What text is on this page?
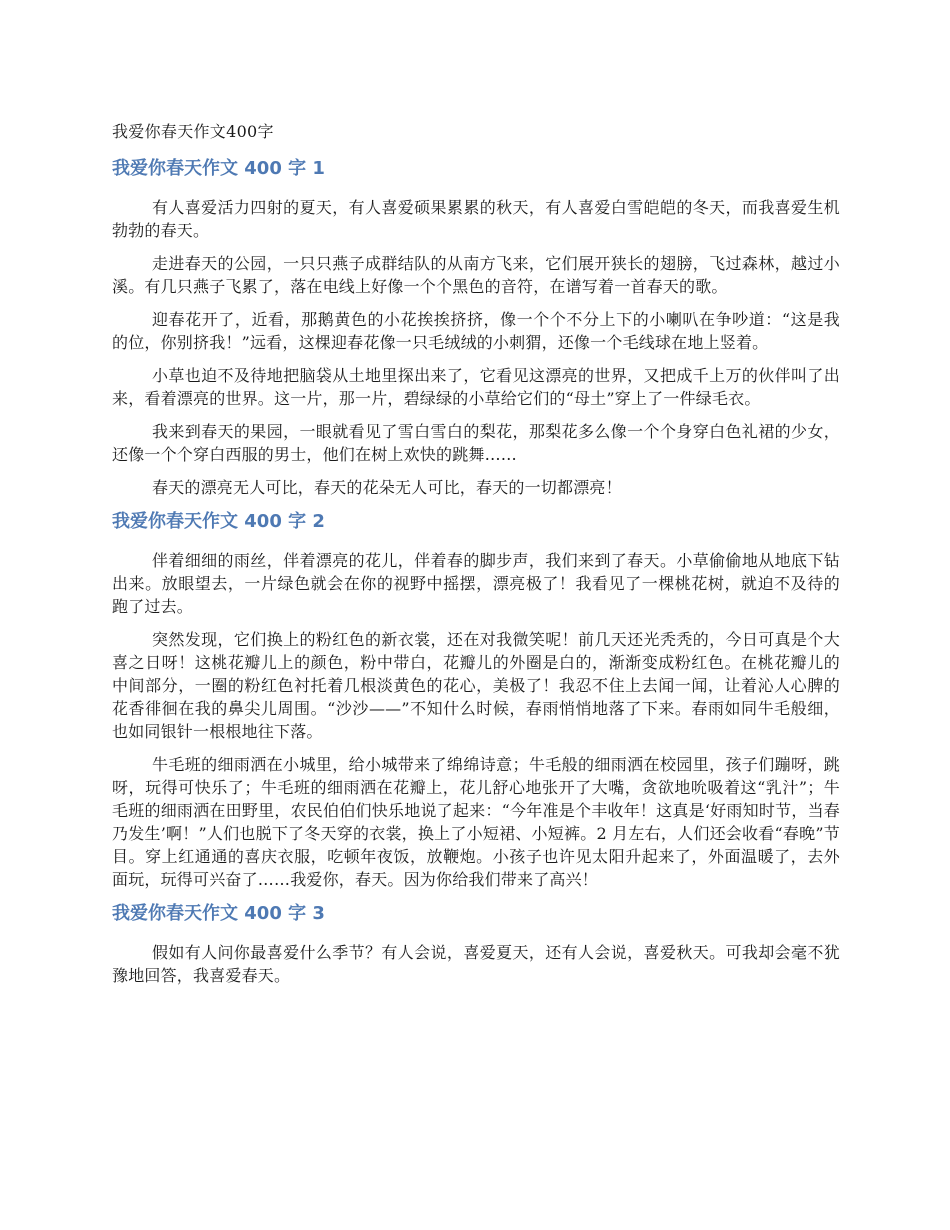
我爱你春天作文400字
我爱你春天作文 400 字 1

有人喜爱活力四射的夏天，有人喜爱硕果累累的秋天，有人喜爱白雪皑皑的冬天，而我喜爱生机勃勃的春天。

走进春天的公园，一只只燕子成群结队的从南方飞来，它们展开狭长的翅膀，飞过森林，越过小溪。有几只燕子飞累了，落在电线上好像一个个黑色的音符，在谱写着一首春天的歌。

迎春花开了，近看，那鹅黄色的小花挨挨挤挤，像一个个不分上下的小喇叭在争吵道：“这是我的位，你别挤我！”远看，这棵迎春花像一只毛绒绒的小刺猬，还像一个毛线球在地上竖着。

小草也迫不及待地把脑袋从土地里探出来了，它看见这漂亮的世界，又把成千上万的伙伴叫了出来，看着漂亮的世界。这一片，那一片，碧绿绿的小草给它们的“母土”穿上了一件绿毛衣。

我来到春天的果园，一眼就看见了雪白雪白的梨花，那梨花多么像一个个身穿白色礼裙的少女，还像一个个穿白西服的男士，他们在树上欢快的跳舞……

春天的漂亮无人可比，春天的花朵无人可比，春天的一切都漂亮！

我爱你春天作文 400 字 2

伴着细细的雨丝，伴着漂亮的花儿，伴着春的脚步声，我们来到了春天。小草偷偷地从地底下钻出来。放眼望去，一片绿色就会在你的视野中摇摆，漂亮极了！我看见了一棵桃花树，就迫不及待的跑了过去。

突然发现，它们换上的粉红色的新衣裳，还在对我微笑呢！前几天还光秃秃的，今日可真是个大喜之日呀！这桃花瓣儿上的颜色，粉中带白，花瓣儿的外圈是白的，渐渐变成粉红色。在桃花瓣儿的中间部分，一圈的粉红色衬托着几根淡黄色的花心，美极了！我忍不住上去闻一闻，让着沁人心脾的花香徘徊在我的鼻尖儿周围。“沙沙——”不知什么时候，春雨悄悄地落了下来。春雨如同牛毛般细，也如同银针一根根地往下落。

牛毛班的细雨洒在小城里，给小城带来了绵绵诗意；牛毛般的细雨洒在校园里，孩子们蹦呀，跳呀，玩得可快乐了；牛毛班的细雨洒在花瓣上，花儿舒心地张开了大嘴，贪欲地吮吸着这“乳汁”；牛毛班的细雨洒在田野里，农民伯伯们快乐地说了起来：“今年准是个丰收年！这真是‘好雨知时节，当春乃发生’啊！”人们也脱下了冬天穿的衣裳，换上了小短裙、小短裤。2 月左右，人们还会收看“春晚”节目。穿上红通通的喜庆衣服，吃顿年夜饭，放鞭炮。小孩子也许见太阳升起来了，外面温暖了，去外面玩，玩得可兴奋了……我爱你，春天。因为你给我们带来了高兴！

我爱你春天作文 400 字 3

假如有人问你最喜爱什么季节？有人会说，喜爱夏天，还有人会说，喜爱秋天。可我却会毫不犹豫地回答，我喜爱春天。
